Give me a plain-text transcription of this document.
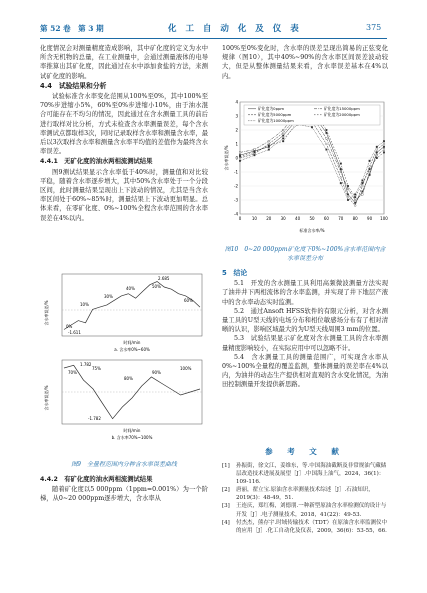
第 52 卷　第 3 期	化 工 自 动 化 及 仪 表	375

化度情况会对测量精度造成影响，其中矿化度的定义为水中所含无机物的总量，在工业测量中，会通过测量液体的电导率推算出其矿化度，因此通过在水中添加食盐的方法，来测试矿化度的影响。

4.4　试验结果和分析

试验标准含水率变化范围从100%至0%，其中100%至70%步进缩小5%，60%至0%步进缩小10%，由于油水混合可能存在不均匀的情况，因此通过在含水测量工具的前后进行取样对比分析，方式未检查含水率测量误差，每个含水率测试点都取样3次，同时记录取样含水率和测量含水率，最后以3次取样含水率和测量含水率平均值的差值作为最终含水率误差。

4.4.1　无矿化度的油水两相流测试结果

图9测试结果显示含水率低于40%时，测量值和对比较平稳，随着含水率逐步增大，其中50%含水率处于一个分段区间，此时测量结果呈现出上下波动的情况，尤其是当含水率区间处于60%~85%时，测量结果上下波动更加明显。总体来看，在零矿化度、0%~100%全程含水率范围的含水率误差在4%以内。

含水率误差/%
0%
10%
30%
40%	50%
60%
2.685
-1.611
时间/min
a. 含水率0%~60%
含水率误差/%
70%
75%
80%
90%
100%
1.782
-1.782
时间/min
b. 含水率70%~100%
图9　全量程范围内分种含水率误差曲线
4.4.2　有矿化度的油水两相流测试结果

随着矿化度以5 000ppm（1ppm=0.001%）为一个阶梯，从0~20 000ppm逐步增大，含水率从

100%至0%变化时，含水率的误差呈现出简易的正弦变化规律（图10），其中40%~90%的含水率区间误差波动较大，但是从整体测量结果来看，含水率误差基本在4%以内。

含水率误差/%
标准含水率/%
4
3
2
1
0
-1
-2
-3
-4
0	10 20 30 40 50 60 70 80 90 100
矿化度为0ppm
矿化度为5000ppm
矿化度为10000ppm
矿化度为15000ppm
矿化度为20000ppm
图10　0~20 000ppm矿化度下0%~100%含水率范围内含水率误差分布
5　结论

5.1　开发的含水测量工具利用高频微波测量方法实现了油井井下两相流体的含水率监测，并实现了井下地层产液中的含水率动态实时监测。

5.2　通过Ansoft HFSS软件的有限元分析，对含水测量工具的U型天线的电场分布和相位敏感场分布有了相对清晰的认识，影响区域最大的为U型天线周围3 mm的位置。

5.3　试验结果显示矿化度对含水测量工具的含水率测量精度影响较小，在实际应用中可以忽略不计。

5.4　含水测量工具的测量范围广，可实现含水率从0%~100%全量程的覆盖监测，整体测量的误差率在4%以内，为油井的动态生产提供相对直观的含水变化情况，为油田控制测量开发提供新思路。

参 考 文 献
[1] 孙振街，徐文江，姜维东，等.中国海油截断及非常规油气藏储层改造技术进展及展望［J］.中国海上油气，2024，36(1)：109-116.
[2] 唐丽，翟立宝.原油含水率测量技术综述［J］.石油知识，2019(3)：48-49，51.
[3] 王连庆，郑红梅，刘德朋.一种新型原油含水率检测仪的设计与开发［J］.电子测量技术，2018，41(22)：49-53.
[4] 付杰杰，熊存宇.时域传输技术（TDT）在原油含水率监测仪中的应用［J］.化工自动化及仪表，2009，36(6)：53-55，66.
